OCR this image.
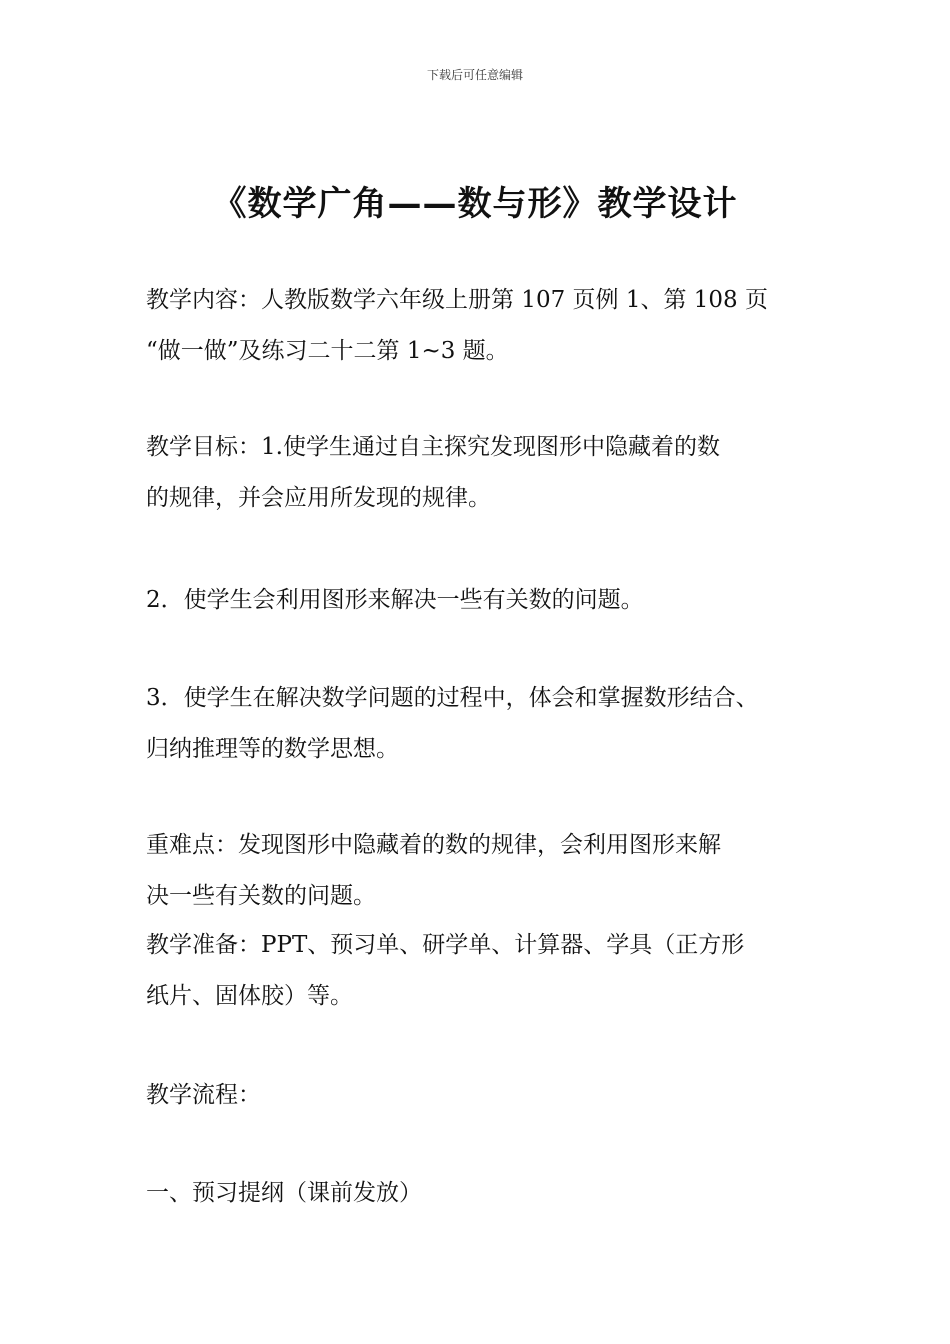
下载后可任意编辑
《数学广角——数与形》教学设计
教学内容：人教版数学六年级上册第 107 页例 1、第 108 页
“做一做”及练习二十二第 1~3 题。
教学目标：1.使学生通过自主探究发现图形中隐藏着的数
的规律，并会应用所发现的规律。
2．使学生会利用图形来解决一些有关数的问题。
3．使学生在解决数学问题的过程中，体会和掌握数形结合、
归纳推理等的数学思想。
重难点：发现图形中隐藏着的数的规律，会利用图形来解
决一些有关数的问题。
教学准备：PPT、预习单、研学单、计算器、学具（正方形
纸片、固体胶）等。
教学流程：
一、预习提纲（课前发放）
